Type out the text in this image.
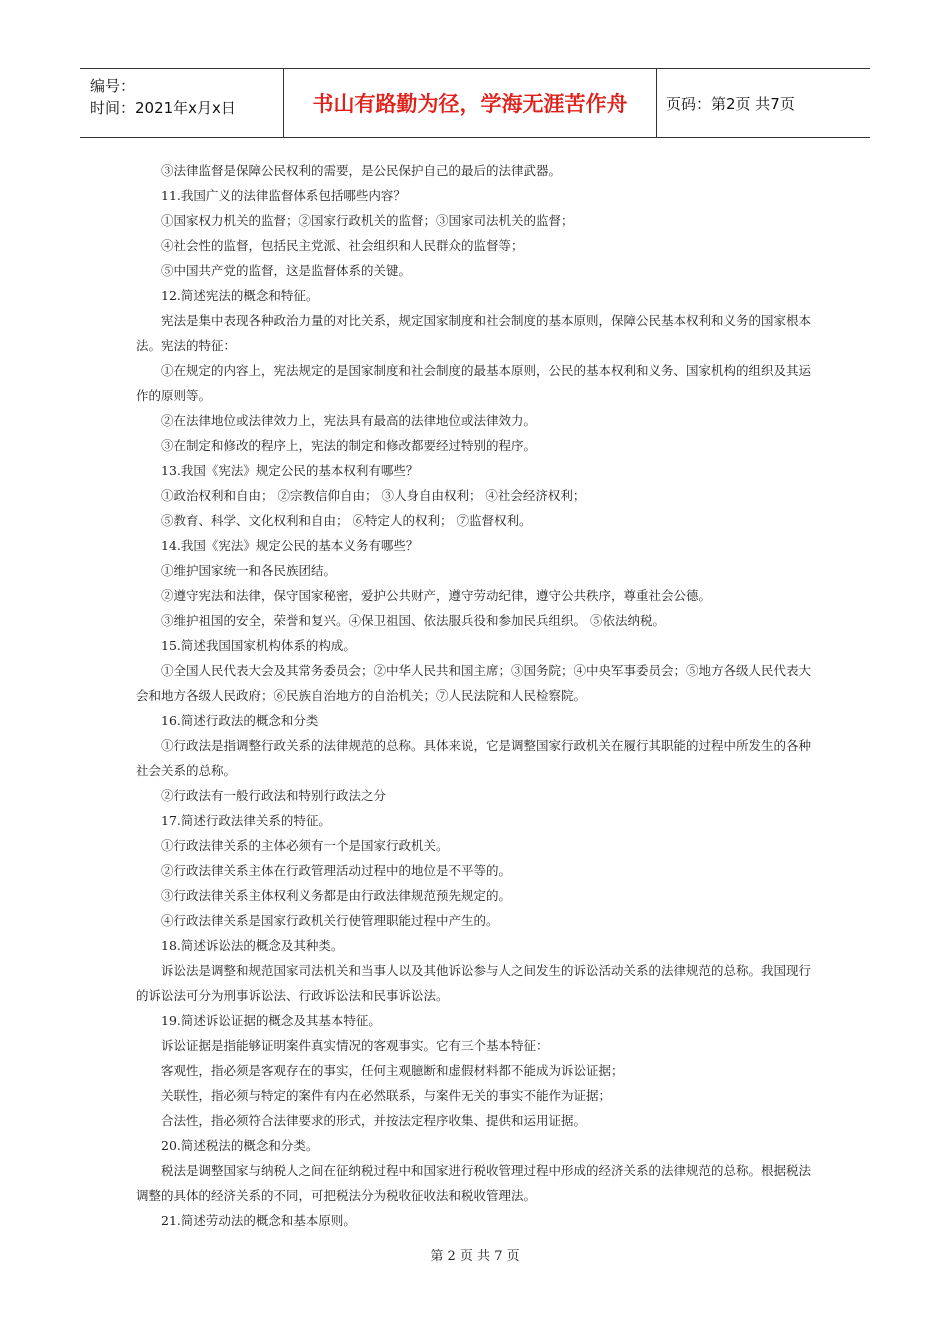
编号：
时间：2021年x月x日	书山有路勤为径，学海无涯苦作舟	页码：第2页 共7页

③法律监督是保障公民权利的需要，是公民保护自己的最后的法律武器。

11.我国广义的法律监督体系包括哪些内容？

①国家权力机关的监督；②国家行政机关的监督；③国家司法机关的监督；

④社会性的监督，包括民主党派、社会组织和人民群众的监督等；

⑤中国共产党的监督，这是监督体系的关键。

12.简述宪法的概念和特征。

宪法是集中表现各种政治力量的对比关系，规定国家制度和社会制度的基本原则，保障公民基本权利和义务的国家根本法。宪法的特征：

①在规定的内容上，宪法规定的是国家制度和社会制度的最基本原则，公民的基本权利和义务、国家机构的组织及其运作的原则等。

②在法律地位或法律效力上，宪法具有最高的法律地位或法律效力。

③在制定和修改的程序上，宪法的制定和修改都要经过特别的程序。

13.我国《宪法》规定公民的基本权利有哪些？

①政治权利和自由； ②宗教信仰自由； ③人身自由权利； ④社会经济权利；

⑤教育、科学、文化权利和自由； ⑥特定人的权利； ⑦监督权利。

14.我国《宪法》规定公民的基本义务有哪些？

①维护国家统一和各民族团结。

②遵守宪法和法律，保守国家秘密，爱护公共财产，遵守劳动纪律，遵守公共秩序，尊重社会公德。

③维护祖国的安全，荣誉和复兴。④保卫祖国、依法服兵役和参加民兵组织。 ⑤依法纳税。

15.简述我国国家机构体系的构成。

①全国人民代表大会及其常务委员会；②中华人民共和国主席；③国务院；④中央军事委员会；⑤地方各级人民代表大会和地方各级人民政府；⑥民族自治地方的自治机关；⑦人民法院和人民检察院。

16.简述行政法的概念和分类

①行政法是指调整行政关系的法律规范的总称。具体来说，它是调整国家行政机关在履行其职能的过程中所发生的各种社会关系的总称。

②行政法有一般行政法和特别行政法之分

17.简述行政法律关系的特征。

①行政法律关系的主体必须有一个是国家行政机关。

②行政法律关系主体在行政管理活动过程中的地位是不平等的。

③行政法律关系主体权利义务都是由行政法律规范预先规定的。

④行政法律关系是国家行政机关行使管理职能过程中产生的。

18.简述诉讼法的概念及其种类。

诉讼法是调整和规范国家司法机关和当事人以及其他诉讼参与人之间发生的诉讼活动关系的法律规范的总称。我国现行的诉讼法可分为刑事诉讼法、行政诉讼法和民事诉讼法。

19.简述诉讼证据的概念及其基本特征。

诉讼证据是指能够证明案件真实情况的客观事实。它有三个基本特征：

客观性，指必须是客观存在的事实，任何主观臆断和虚假材料都不能成为诉讼证据；

关联性，指必须与特定的案件有内在必然联系，与案件无关的事实不能作为证据；

合法性，指必须符合法律要求的形式，并按法定程序收集、提供和运用证据。

20.简述税法的概念和分类。

税法是调整国家与纳税人之间在征纳税过程中和国家进行税收管理过程中形成的经济关系的法律规范的总称。根据税法调整的具体的经济关系的不同，可把税法分为税收征收法和税收管理法。

21.简述劳动法的概念和基本原则。

第 2 页 共 7 页
